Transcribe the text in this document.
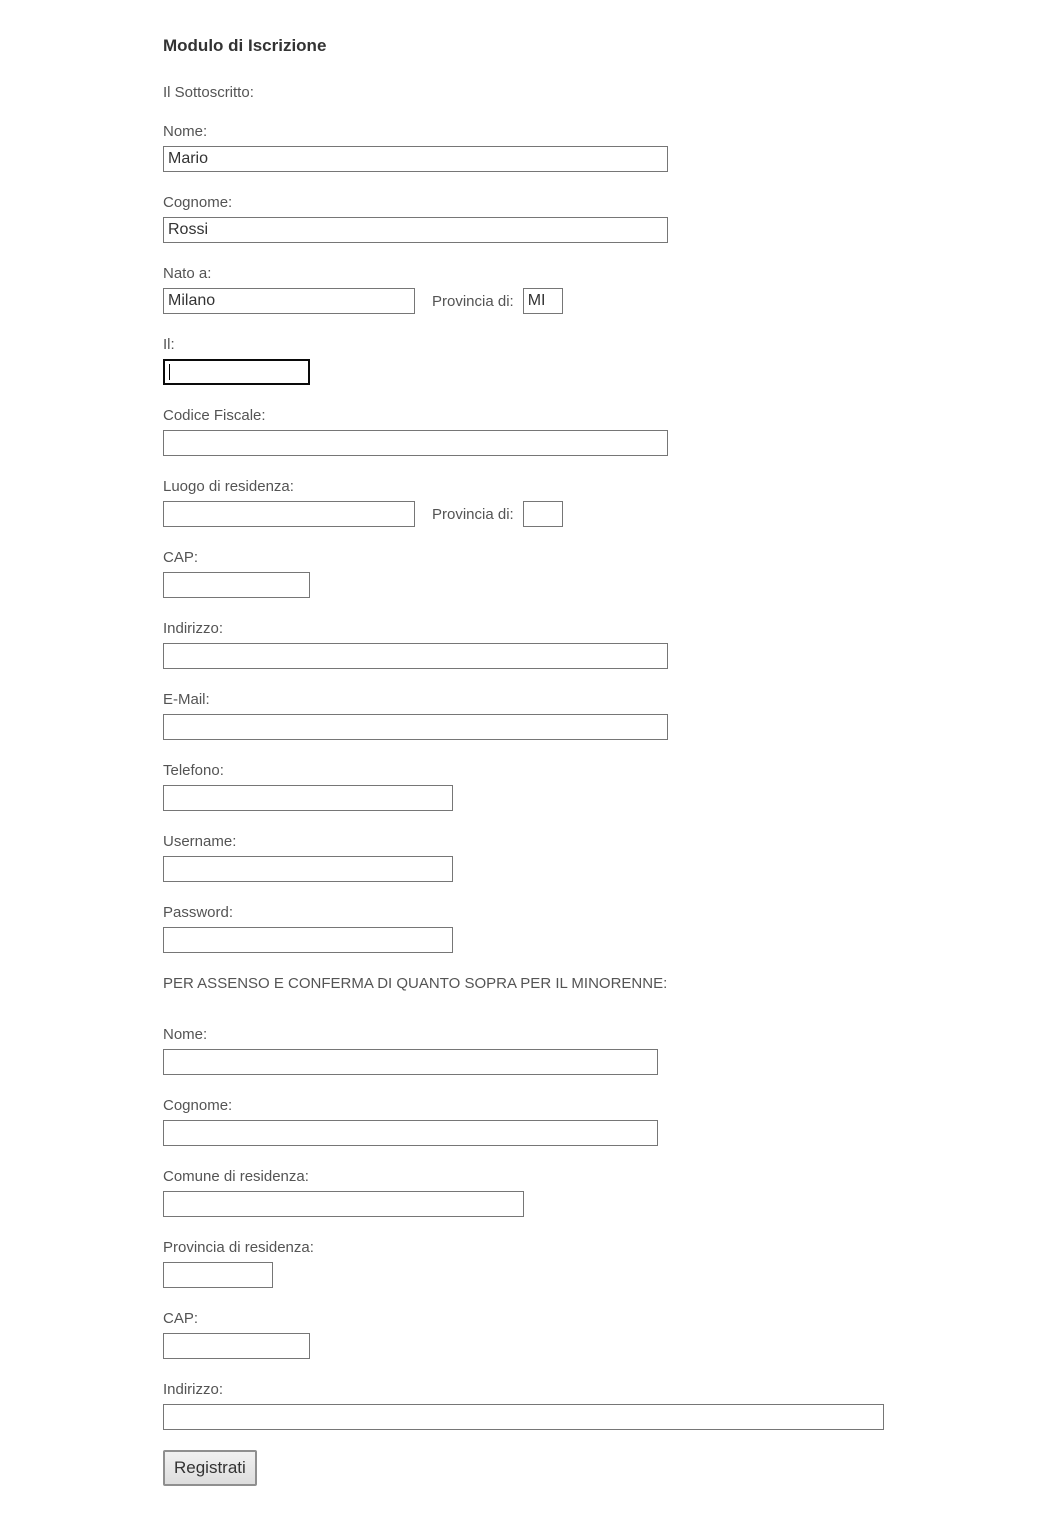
Modulo di Iscrizione

Il Sottoscritto:

Nome:
Mario
Cognome:
Rossi
Nato a:
Milano
Provincia di:
MI
Il:
Codice Fiscale:
Luogo di residenza:
Provincia di:
CAP:
Indirizzo:
E-Mail:
Telefono:
Username:
Password:

PER ASSENSO E CONFERMA DI QUANTO SOPRA PER IL MINORENNE:

Nome:
Cognome:
Comune di residenza:
Provincia di residenza:
CAP:
Indirizzo:
Registrati
